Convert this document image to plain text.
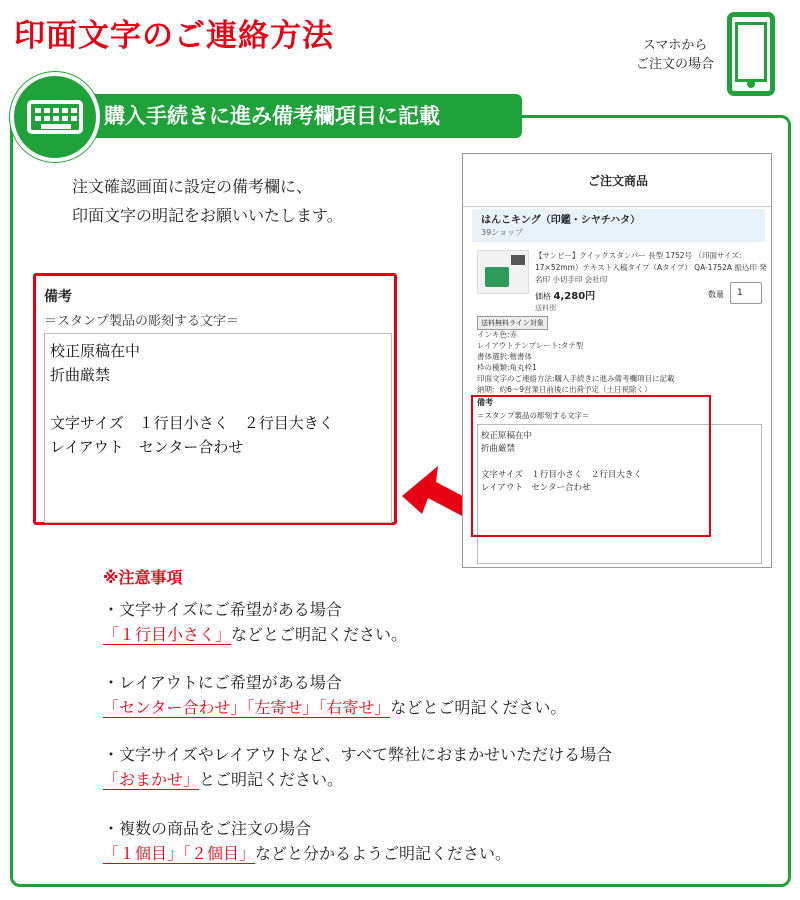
印面文字のご連絡方法	スマホから
ご注文の場合
購入手続きに進み備考欄項目に記載
注文確認画面に設定の備考欄に、
印面文字の明記をお願いいたします。
備考
＝スタンプ製品の彫刻する文字＝
校正原稿在中
折曲厳禁
文字サイズ　１行目小さく　２行目大きく
レイアウト　センター合わせ
ご注文商品
はんこキング（印鑑・シヤチハタ）
39ショップ
【サンビー】クイックスタンパー 長型 1752号 （印面サイズ：17×52mm）テキスト入稿タイプ（Aタイプ） QA-1752A 振込印 発名印 小切手印 会社印
価格 4,280円
送料別
数量	1
送料無料ライン対象
インキ色:赤
レイアウトテンプレート:タテ型
書体選択:楷書体
枠の種類:角丸枠1
印面文字のご連絡方法:購入手続きに進み備考欄項目に記載
納期：約6～9営業日前後に出荷予定（土日祝除く）
備考
＝スタンプ製品の彫刻する文字＝
校正原稿在中
折曲厳禁
文字サイズ　１行目小さく　２行目大きく
レイアウト　センター合わせ
※注意事項
・文字サイズにご希望がある場合
「１行目小さく」などとご明記ください。
・レイアウトにご希望がある場合
「センター合わせ」「左寄せ」「右寄せ」などとご明記ください。
・文字サイズやレイアウトなど、すべて弊社におまかせいただける場合
「おまかせ」とご明記ください。
・複数の商品をご注文の場合
「１個目」「２個目」などと分かるようご明記ください。
